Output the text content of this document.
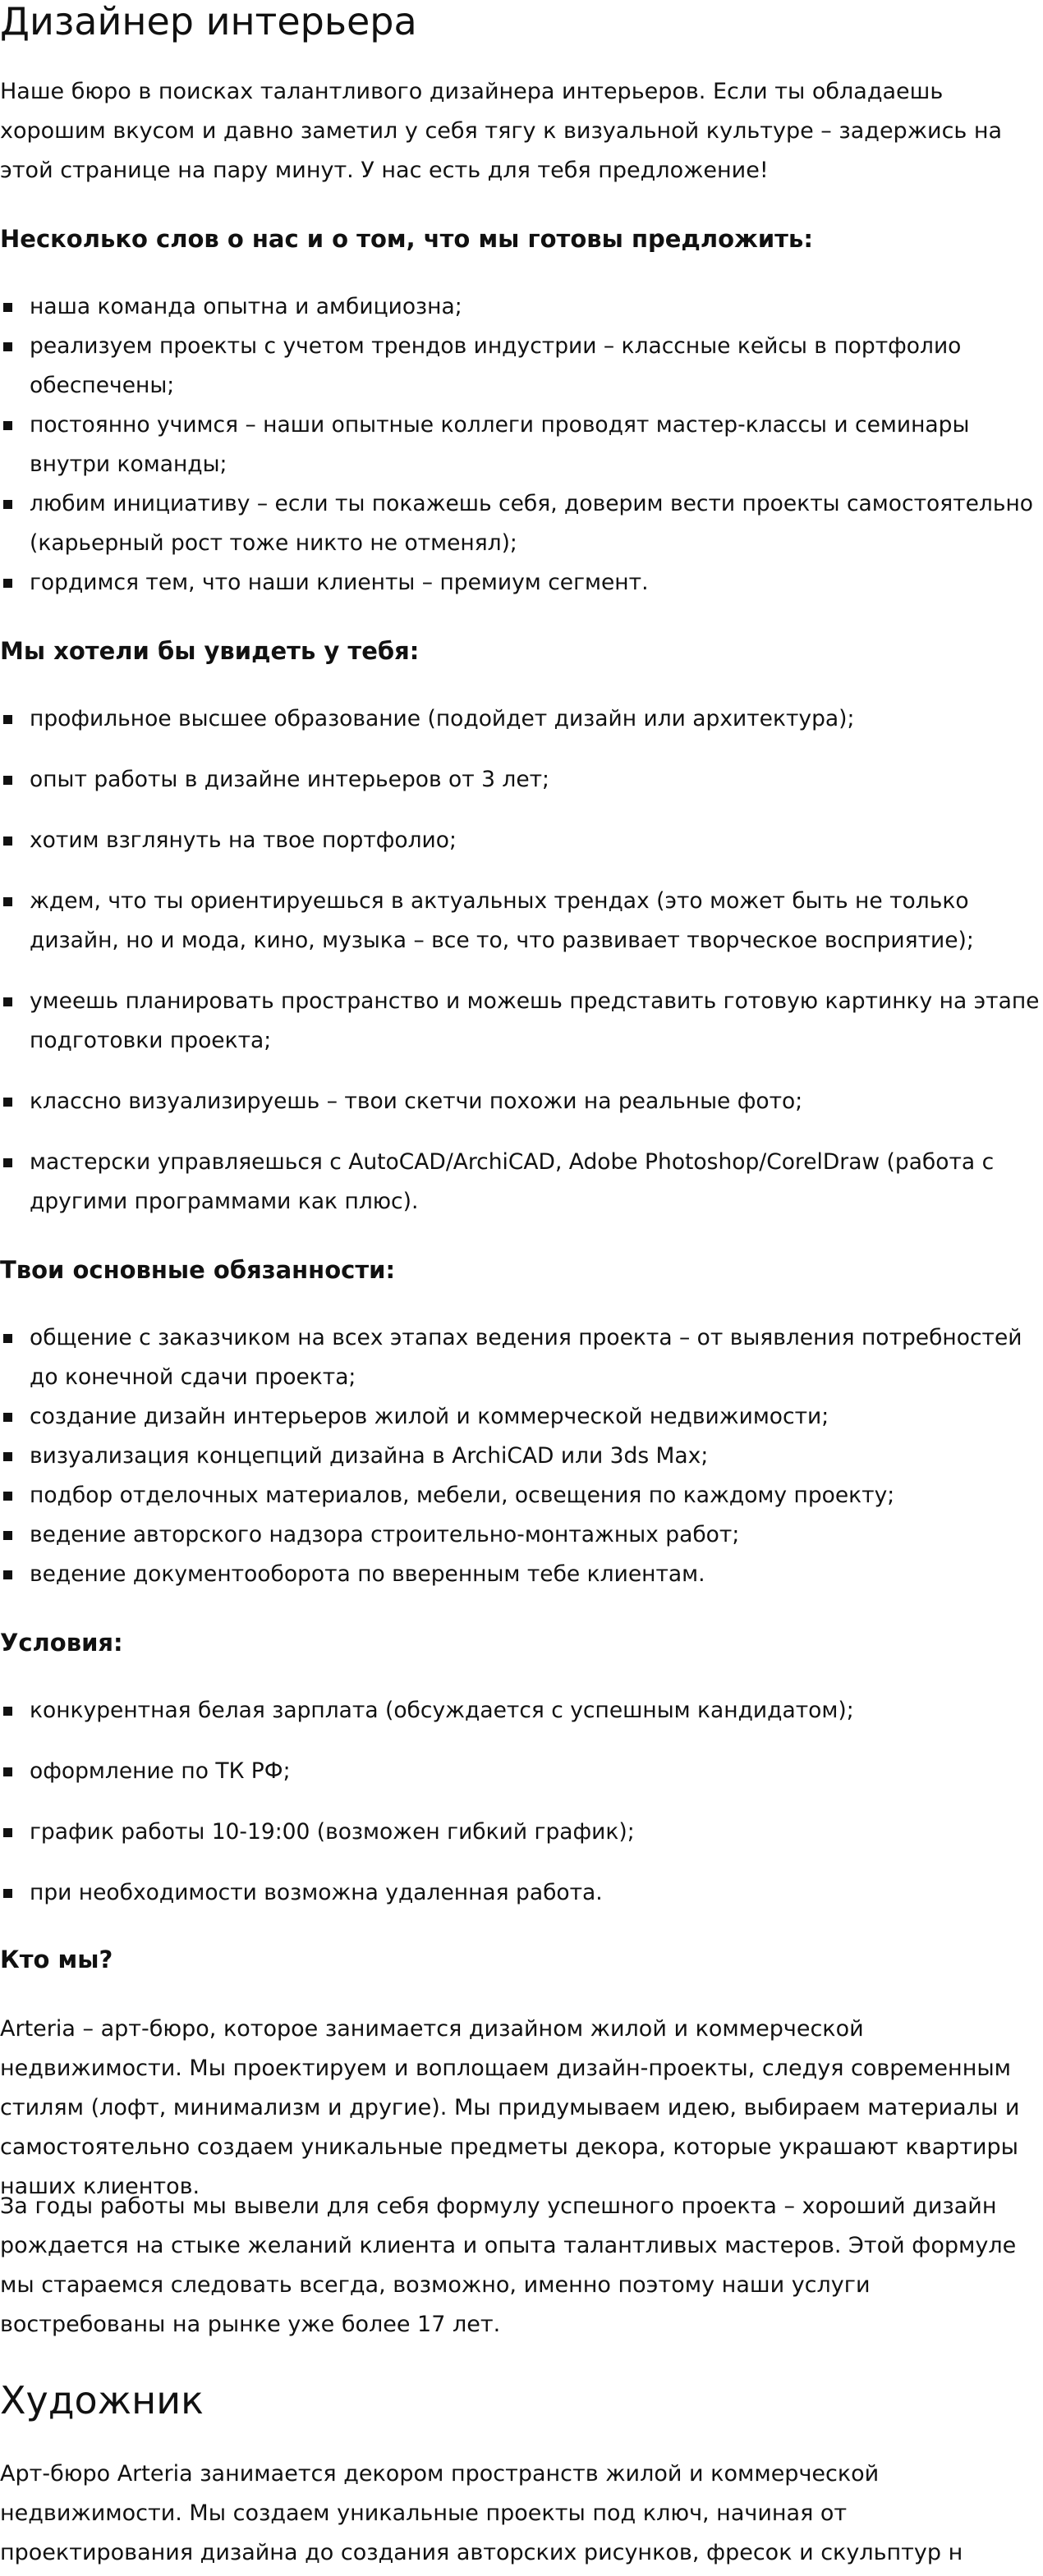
Дизайнер интерьера

Наше бюро в поисках талантливого дизайнера интерьеров. Если ты обладаешь хорошим вкусом и давно заметил у себя тягу к визуальной культуре – задержись на этой странице на пару минут. У нас есть для тебя предложение!

Несколько слов о нас и о том, что мы готовы предложить:
наша команда опытна и амбициозна;
реализуем проекты с учетом трендов индустрии – классные кейсы в портфолио обеспечены;
постоянно учимся – наши опытные коллеги проводят мастер-классы и семинары внутри команды;
любим инициативу – если ты покажешь себя, доверим вести проекты самостоятельно (карьерный рост тоже никто не отменял);
гордимся тем, что наши клиенты – премиум сегмент.
Мы хотели бы увидеть у тебя:
профильное высшее образование (подойдет дизайн или архитектура);
опыт работы в дизайне интерьеров от 3 лет;
хотим взглянуть на твое портфолио;
ждем, что ты ориентируешься в актуальных трендах (это может быть не только дизайн, но и мода, кино, музыка – все то, что развивает творческое восприятие);
умеешь планировать пространство и можешь представить готовую картинку на этапе подготовки проекта;
классно визуализируешь – твои скетчи похожи на реальные фото;
мастерски управляешься с AutoCAD/ArchiCAD, Adobe Photoshop/CorelDraw (работа с другими программами как плюс).
Твои основные обязанности:
общение с заказчиком на всех этапах ведения проекта – от выявления потребностей до конечной сдачи проекта;
создание дизайн интерьеров жилой и коммерческой недвижимости;
визуализация концепций дизайна в ArchiCAD или 3ds Max;
подбор отделочных материалов, мебели, освещения по каждому проекту;
ведение авторского надзора строительно-монтажных работ;
ведение документооборота по вверенным тебе клиентам.
Условия:
конкурентная белая зарплата (обсуждается с успешным кандидатом);
оформление по ТК РФ;
график работы 10-19:00 (возможен гибкий график);
при необходимости возможна удаленная работа.
Кто мы?

Arteria – арт-бюро, которое занимается дизайном жилой и коммерческой недвижимости. Мы проектируем и воплощаем дизайн-проекты, следуя современным стилям (лофт, минимализм и другие). Мы придумываем идею, выбираем материалы и самостоятельно создаем уникальные предметы декора, которые украшают квартиры наших клиентов.

За годы работы мы вывели для себя формулу успешного проекта – хороший дизайн рождается на стыке желаний клиента и опыта талантливых мастеров. Этой формуле мы стараемся следовать всегда, возможно, именно поэтому наши услуги востребованы на рынке уже более 17 лет.

Художник

Арт-бюро Arteria занимается декором пространств жилой и коммерческой недвижимости. Мы создаем уникальные проекты под ключ, начиная от проектирования дизайна до создания авторских рисунков, фресок и скульптур н
